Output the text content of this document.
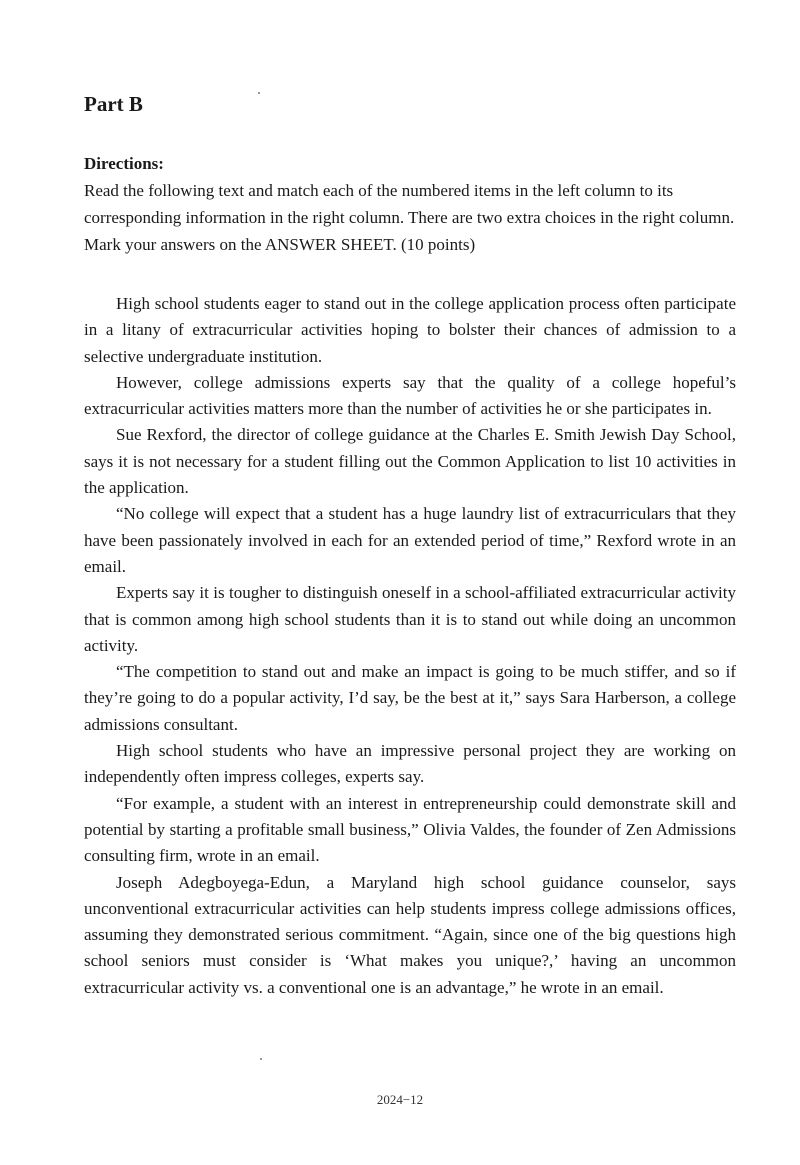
Part B

Directions:

Read the following text and match each of the numbered items in the left column to its corresponding information in the right column. There are two extra choices in the right column. Mark your answers on the ANSWER SHEET. (10 points)

High school students eager to stand out in the college application process often participate in a litany of extracurricular activities hoping to bolster their chances of admission to a selective undergraduate institution.

However, college admissions experts say that the quality of a college hopeful’s extracurricular activities matters more than the number of activities he or she participates in.

Sue Rexford, the director of college guidance at the Charles E. Smith Jewish Day School, says it is not necessary for a student filling out the Common Application to list 10 activities in the application.

“No college will expect that a student has a huge laundry list of extracurriculars that they have been passionately involved in each for an extended period of time,” Rexford wrote in an email.

Experts say it is tougher to distinguish oneself in a school-affiliated extracurricular activity that is common among high school students than it is to stand out while doing an uncommon activity.

“The competition to stand out and make an impact is going to be much stiffer, and so if they’re going to do a popular activity, I’d say, be the best at it,” says Sara Harberson, a college admissions consultant.

High school students who have an impressive personal project they are working on independently often impress colleges, experts say.

“For example, a student with an interest in entrepreneurship could demonstrate skill and potential by starting a profitable small business,” Olivia Valdes, the founder of Zen Admissions consulting firm, wrote in an email.

Joseph Adegboyega-Edun, a Maryland high school guidance counselor, says unconventional extracurricular activities can help students impress college admissions offices, assuming they demonstrated serious commitment. “Again, since one of the big questions high school seniors must consider is ‘What makes you unique?,’ having an uncommon extracurricular activity vs. a conventional one is an advantage,” he wrote in an email.

2024−12
